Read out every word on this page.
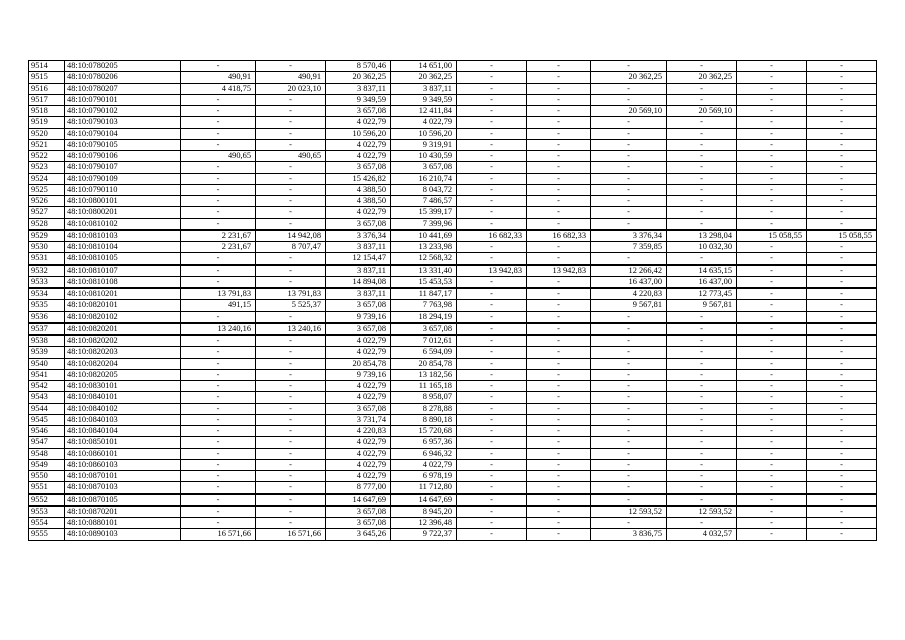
9514	48:10:0780205	-	-	8 570,46	14 651,00	-	-	-	-	-	-
9515	48:10:0780206	490,91	490,91	20 362,25	20 362,25	-	-	20 362,25	20 362,25	-	-
9516	48:10:0780207	4 418,75	20 023,10	3 837,11	3 837,11	-	-	-	-	-	-
9517	48:10:0790101	-	-	9 349,59	9 349,59	-	-	-	-	-	-
9518	48:10:0790102	-	-	3 657,08	12 411,84	-	-	20 569,10	20 569,10	-	-
9519	48:10:0790103	-	-	4 022,79	4 022,79	-	-	-	-	-	-
9520	48:10:0790104	-	-	10 596,20	10 596,20	-	-	-	-	-	-
9521	48:10:0790105	-	-	4 022,79	9 319,91	-	-	-	-	-	-
9522	48:10:0790106	490,65	490,65	4 022,79	10 430,59	-	-	-	-	-	-
9523	48:10:0790107	-	-	3 657,08	3 657,08	-	-	-	-	-	-
9524	48:10:0790109	-	-	15 426,82	16 210,74	-	-	-	-	-	-
9525	48:10:0790110	-	-	4 388,50	8 043,72	-	-	-	-	-	-
9526	48:10:0800101	-	-	4 388,50	7 486,57	-	-	-	-	-	-
9527	48:10:0800201	-	-	4 022,79	15 399,17	-	-	-	-	-	-
9528	48:10:0810102	-	-	3 657,08	7 399,96	-	-	-	-	-	-
9529	48:10:0810103	2 231,67	14 942,08	3 376,34	10 441,69	16 682,33	16 682,33	3 376,34	13 298,04	15 058,55	15 058,55
9530	48:10:0810104	2 231,67	8 707,47	3 837,11	13 233,98	-	-	7 359,85	10 032,30	-	-
9531	48:10:0810105	-	-	12 154,47	12 568,32	-	-	-	-	-	-
9532	48:10:0810107	-	-	3 837,11	13 331,40	13 942,83	13 942,83	12 266,42	14 635,15	-	-
9533	48:10:0810108	-	-	14 894,08	15 453,53	-	-	16 437,00	16 437,00	-	-
9534	48:10:0810201	13 791,83	13 791,83	3 837,11	11 847,17	-	-	4 220,83	12 773,45	-	-
9535	48:10:0820101	491,15	5 525,37	3 657,08	7 763,98	-	-	9 567,81	9 567,81	-	-
9536	48:10:0820102	-	-	9 739,16	18 294,19	-	-	-	-	-	-
9537	48:10:0820201	13 240,16	13 240,16	3 657,08	3 657,08	-	-	-	-	-	-
9538	48:10:0820202	-	-	4 022,79	7 012,61	-	-	-	-	-	-
9539	48:10:0820203	-	-	4 022,79	6 594,09	-	-	-	-	-	-
9540	48:10:0820204	-	-	20 854,78	20 854,78	-	-	-	-	-	-
9541	48:10:0820205	-	-	9 739,16	13 182,56	-	-	-	-	-	-
9542	48:10:0830101	-	-	4 022,79	11 165,18	-	-	-	-	-	-
9543	48:10:0840101	-	-	4 022,79	8 958,07	-	-	-	-	-	-
9544	48:10:0840102	-	-	3 657,08	8 278,88	-	-	-	-	-	-
9545	48:10:0840103	-	-	3 731,74	8 890,18	-	-	-	-	-	-
9546	48:10:0840104	-	-	4 220,83	15 720,68	-	-	-	-	-	-
9547	48:10:0850101	-	-	4 022,79	6 957,36	-	-	-	-	-	-
9548	48:10:0860101	-	-	4 022,79	6 946,32	-	-	-	-	-	-
9549	48:10:0860103	-	-	4 022,79	4 022,79	-	-	-	-	-	-
9550	48:10:0870101	-	-	4 022,79	6 978,19	-	-	-	-	-	-
9551	48:10:0870103	-	-	8 777,00	11 712,80	-	-	-	-	-	-
9552	48:10:0870105	-	-	14 647,69	14 647,69	-	-	-	-	-	-
9553	48:10:0870201	-	-	3 657,08	8 945,20	-	-	12 593,52	12 593,52	-	-
9554	48:10:0880101	-	-	3 657,08	12 396,48	-	-	-	-	-	-
9555	48:10:0890103	16 571,66	16 571,66	3 645,26	9 722,37	-	-	3 836,75	4 032,57	-	-
